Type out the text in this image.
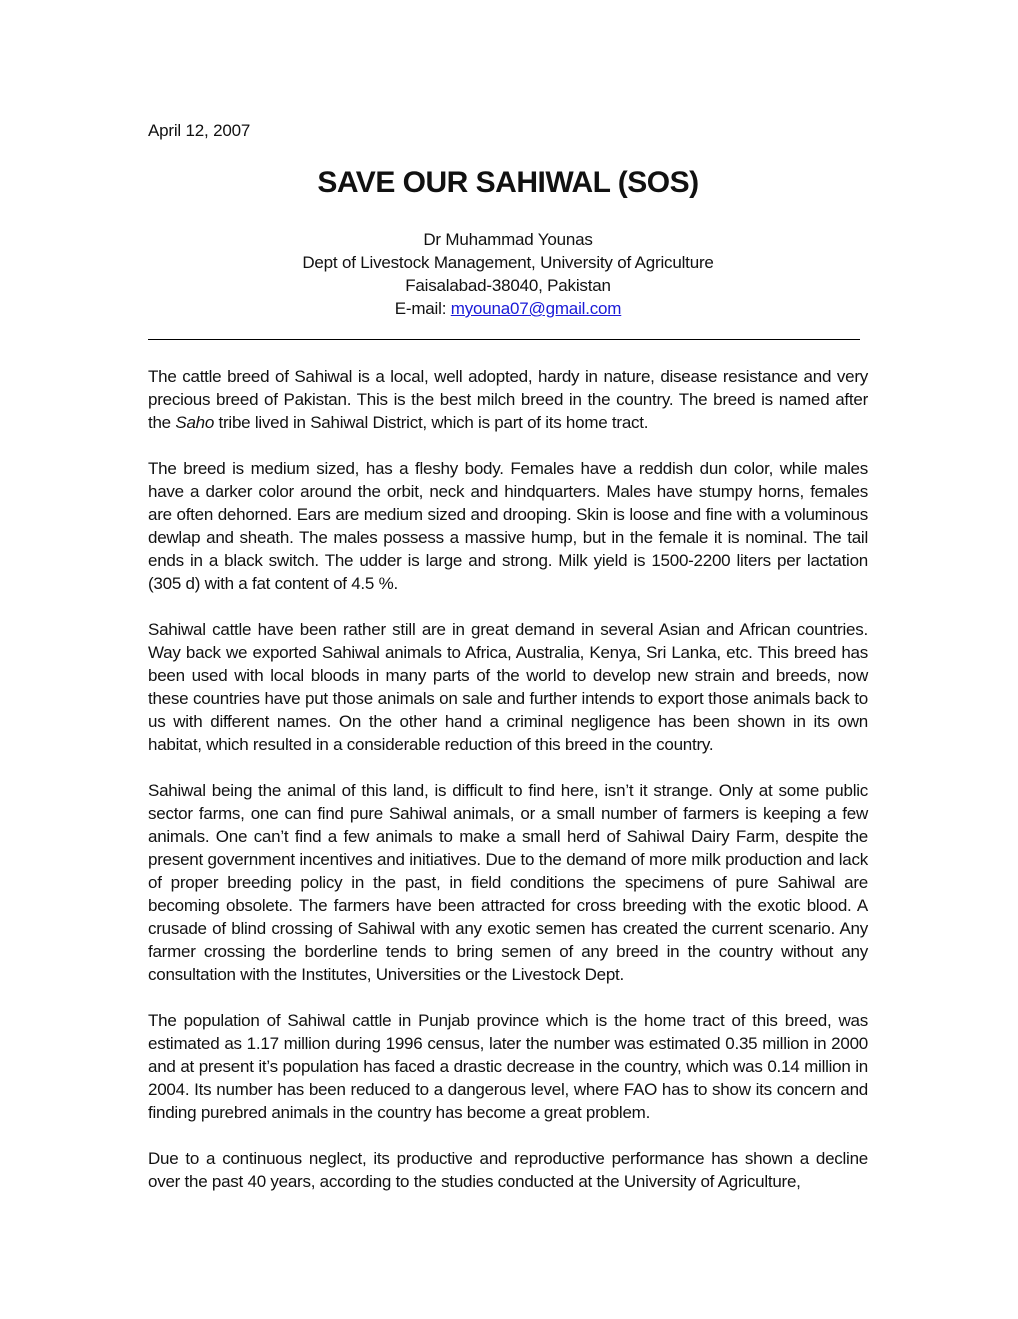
April 12, 2007
SAVE OUR SAHIWAL (SOS)
Dr Muhammad Younas
Dept of Livestock Management, University of Agriculture
Faisalabad-38040, Pakistan
E-mail: myouna07@gmail.com

The cattle breed of Sahiwal is a local, well adopted, hardy in nature, disease resistance and very precious breed of Pakistan. This is the best milch breed in the country. The breed is named after the Saho tribe lived in Sahiwal District, which is part of its home tract.

The breed is medium sized, has a fleshy body. Females have a reddish dun color, while males have a darker color around the orbit, neck and hindquarters. Males have stumpy horns, females are often dehorned. Ears are medium sized and drooping. Skin is loose and fine with a voluminous dewlap and sheath. The males possess a massive hump, but in the female it is nominal. The tail ends in a black switch. The udder is large and strong. Milk yield is 1500-2200 liters per lactation (305 d) with a fat content of 4.5 %.

Sahiwal cattle have been rather still are in great demand in several Asian and African countries. Way back we exported Sahiwal animals to Africa, Australia, Kenya, Sri Lanka, etc. This breed has been used with local bloods in many parts of the world to develop new strain and breeds, now these countries have put those animals on sale and further intends to export those animals back to us with different names. On the other hand a criminal negligence has been shown in its own habitat, which resulted in a considerable reduction of this breed in the country.

Sahiwal being the animal of this land, is difficult to find here, isn’t it strange. Only at some public sector farms, one can find pure Sahiwal animals, or a small number of farmers is keeping a few animals. One can’t find a few animals to make a small herd of Sahiwal Dairy Farm, despite the present government incentives and initiatives. Due to the demand of more milk production and lack of proper breeding policy in the past, in field conditions the specimens of pure Sahiwal are becoming obsolete. The farmers have been attracted for cross breeding with the exotic blood. A crusade of blind crossing of Sahiwal with any exotic semen has created the current scenario. Any farmer crossing the borderline tends to bring semen of any breed in the country without any consultation with the Institutes, Universities or the Livestock Dept.

The population of Sahiwal cattle in Punjab province which is the home tract of this breed, was estimated as 1.17 million during 1996 census, later the number was estimated 0.35 million in 2000 and at present it’s population has faced a drastic decrease in the country, which was 0.14 million in 2004. Its number has been reduced to a dangerous level, where FAO has to show its concern and finding purebred animals in the country has become a great problem.

Due to a continuous neglect, its productive and reproductive performance has shown a decline over the past 40 years, according to the studies conducted at the University of Agriculture,
